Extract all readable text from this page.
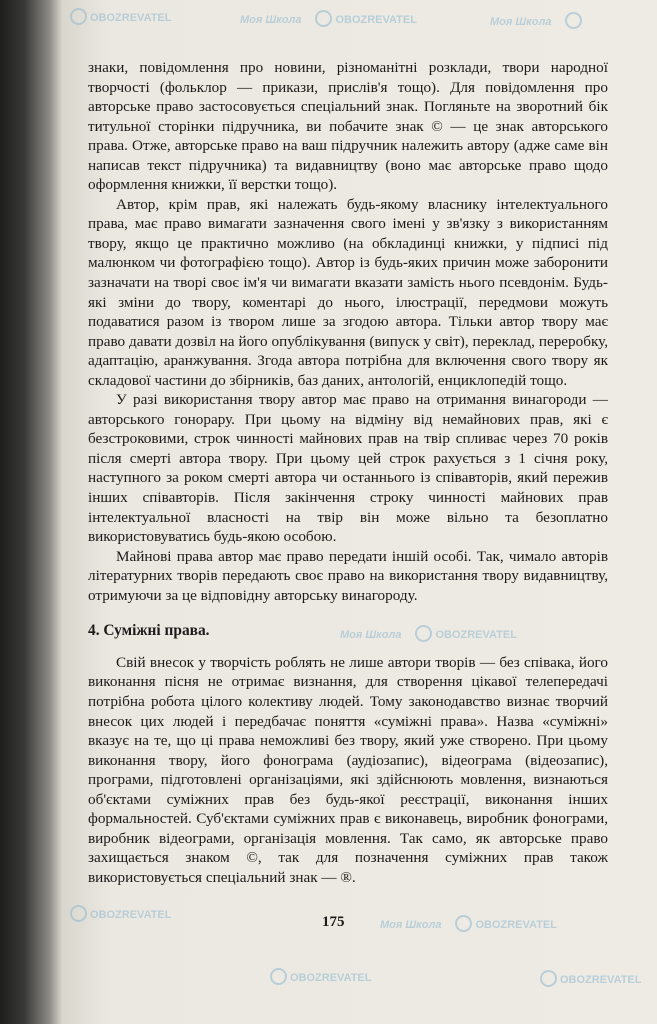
OBOZREVATEL	Моя Школа	OBOZREVATEL	Моя Школа
Моя Школа	OBOZREVATEL
OBOZREVATEL
Моя Школа	OBOZREVATEL
OBOZREVATEL	OBOZREVATEL

знаки, повідомлення про новини, різноманітні розклади, твори народної творчості (фольклор — прикази, прислів'я тощо). Для повідомлення про авторське право застосовується спеціальний знак. Погляньте на зворотний бік титульної сторінки підручника, ви побачите знак © — це знак авторського права. Отже, авторське право на ваш підручник належить автору (адже саме він написав текст підручника) та видавництву (воно має авторське право щодо оформлення книжки, її верстки тощо).

Автор, крім прав, які належать будь-якому власнику інтелектуального права, має право вимагати зазначення свого імені у зв'язку з використанням твору, якщо це практично можливо (на обкладинці книжки, у підписі під малюнком чи фотографією тощо). Автор із будь-яких причин може заборонити зазначати на творі своє ім'я чи вимагати вказати замість нього псевдонім. Будь-які зміни до твору, коментарі до нього, ілюстрації, передмови можуть подаватися разом із твором лише за згодою автора. Тільки автор твору має право давати дозвіл на його опублікування (випуск у світ), переклад, переробку, адаптацію, аранжування. Згода автора потрібна для включення свого твору як складової частини до збірників, баз даних, антологій, енциклопедій тощо.

У разі використання твору автор має право на отримання винагороди — авторського гонорару. При цьому на відміну від немайнових прав, які є безстроковими, строк чинності майнових прав на твір спливає через 70 років після смерті автора твору. При цьому цей строк рахується з 1 січня року, наступного за роком смерті автора чи останнього із співавторів, який пережив інших співавторів. Після закінчення строку чинності майнових прав інтелектуальної власності на твір він може вільно та безоплатно використовуватись будь-якою особою.

Майнові права автор має право передати іншій особі. Так, чимало авторів літературних творів передають своє право на використання твору видавництву, отримуючи за це відповідну авторську винагороду.

4. Суміжні права.

Свій внесок у творчість роблять не лише автори творів — без співака, його виконання пісня не отримає визнання, для створення цікавої телепередачі потрібна робота цілого колективу людей. Тому законодавство визнає творчий внесок цих людей і передбачає поняття «суміжні права». Назва «суміжні» вказує на те, що ці права неможливі без твору, який уже створено. При цьому виконання твору, його фонограма (аудіозапис), відеограма (відеозапис), програми, підготовлені організаціями, які здійснюють мовлення, визнаються об'єктами суміжних прав без будь-якої реєстрації, виконання інших формальностей. Суб'єктами суміжних прав є виконавець, виробник фонограми, виробник відеограми, організація мовлення. Так само, як авторське право захищається знаком ©, так для позначення суміжних прав також використовується спеціальний знак — ®.

175
